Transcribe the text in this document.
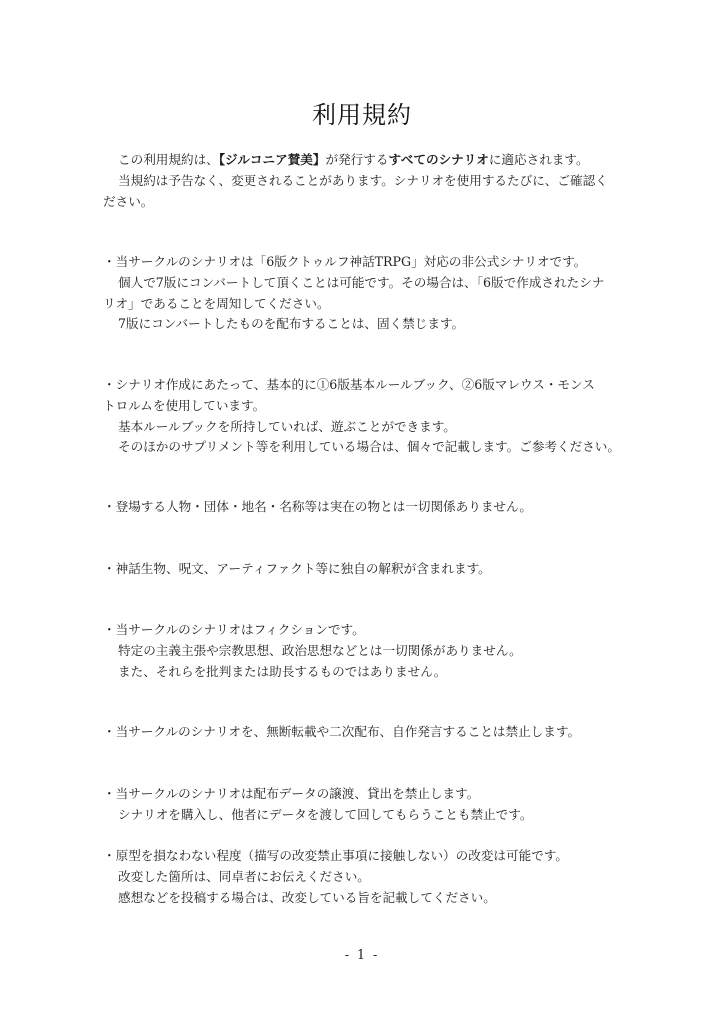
利用規約
この利用規約は、【ジルコニア賛美】が発行するすべてのシナリオに適応されます。
当規約は予告なく、変更されることがあります。シナリオを使用するたびに、ご確認く
ださい。
・当サークルのシナリオは「6版クトゥルフ神話TRPG」対応の非公式シナリオです。
個人で7版にコンバートして頂くことは可能です。その場合は、「6版で作成されたシナ
リオ」であることを周知してください。
7版にコンバートしたものを配布することは、固く禁じます。
・シナリオ作成にあたって、基本的に①6版基本ルールブック、②6版マレウス・モンス
トロルムを使用しています。
基本ルールブックを所持していれば、遊ぶことができます。
そのほかのサプリメント等を利用している場合は、個々で記載します。ご参考ください。
・登場する人物・団体・地名・名称等は実在の物とは一切関係ありません。
・神話生物、呪文、アーティファクト等に独自の解釈が含まれます。
・当サークルのシナリオはフィクションです。
特定の主義主張や宗教思想、政治思想などとは一切関係がありません。
また、それらを批判または助長するものではありません。
・当サークルのシナリオを、無断転載や二次配布、自作発言することは禁止します。
・当サークルのシナリオは配布データの譲渡、貸出を禁止します。
シナリオを購入し、他者にデータを渡して回してもらうことも禁止です。
・原型を損なわない程度（描写の改変禁止事項に接触しない）の改変は可能です。
改変した箇所は、同卓者にお伝えください。
感想などを投稿する場合は、改変している旨を記載してください。
- 1 -
